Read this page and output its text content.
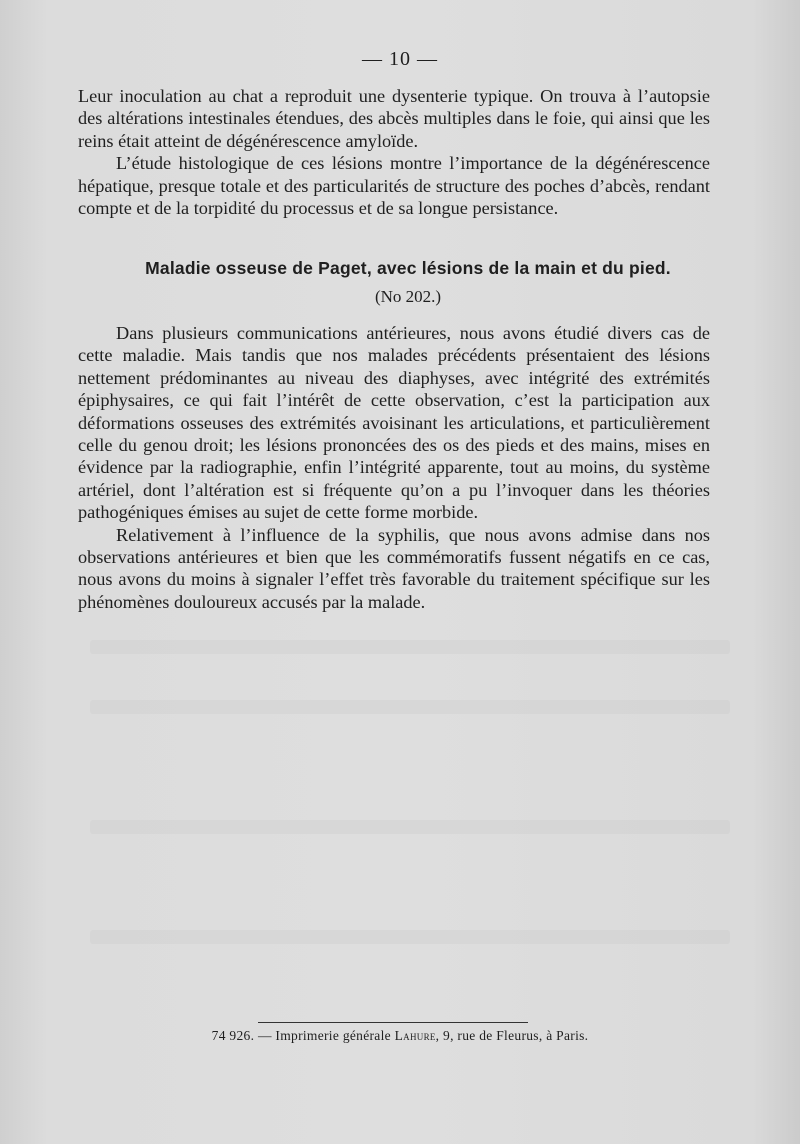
— 10 —

Leur inoculation au chat a reproduit une dysenterie typique. On trouva à l’autopsie des altérations intestinales étendues, des abcès multiples dans le foie, qui ainsi que les reins était atteint de dégénérescence amyloïde.

L’étude histologique de ces lésions montre l’importance de la dégénérescence hépatique, presque totale et des particularités de structure des poches d’abcès, rendant compte et de la torpidité du processus et de sa longue persistance.

Maladie osseuse de Paget, avec lésions de la main et du pied.
(No 202.)

Dans plusieurs communications antérieures, nous avons étudié divers cas de cette maladie. Mais tandis que nos malades précédents présentaient des lésions nettement prédominantes au niveau des diaphyses, avec intégrité des extrémités épiphysaires, ce qui fait l’intérêt de cette observation, c’est la participation aux déformations osseuses des extrémités avoisinant les articulations, et particulièrement celle du genou droit; les lésions prononcées des os des pieds et des mains, mises en évidence par la radiographie, enfin l’intégrité apparente, tout au moins, du système artériel, dont l’altération est si fréquente qu’on a pu l’invoquer dans les théories pathogéniques émises au sujet de cette forme morbide.

Relativement à l’influence de la syphilis, que nous avons admise dans nos observations antérieures et bien que les commémoratifs fussent négatifs en ce cas, nous avons du moins à signaler l’effet très favorable du traitement spécifique sur les phénomènes douloureux accusés par la malade.

74 926. — Imprimerie générale Lahure, 9, rue de Fleurus, à Paris.
